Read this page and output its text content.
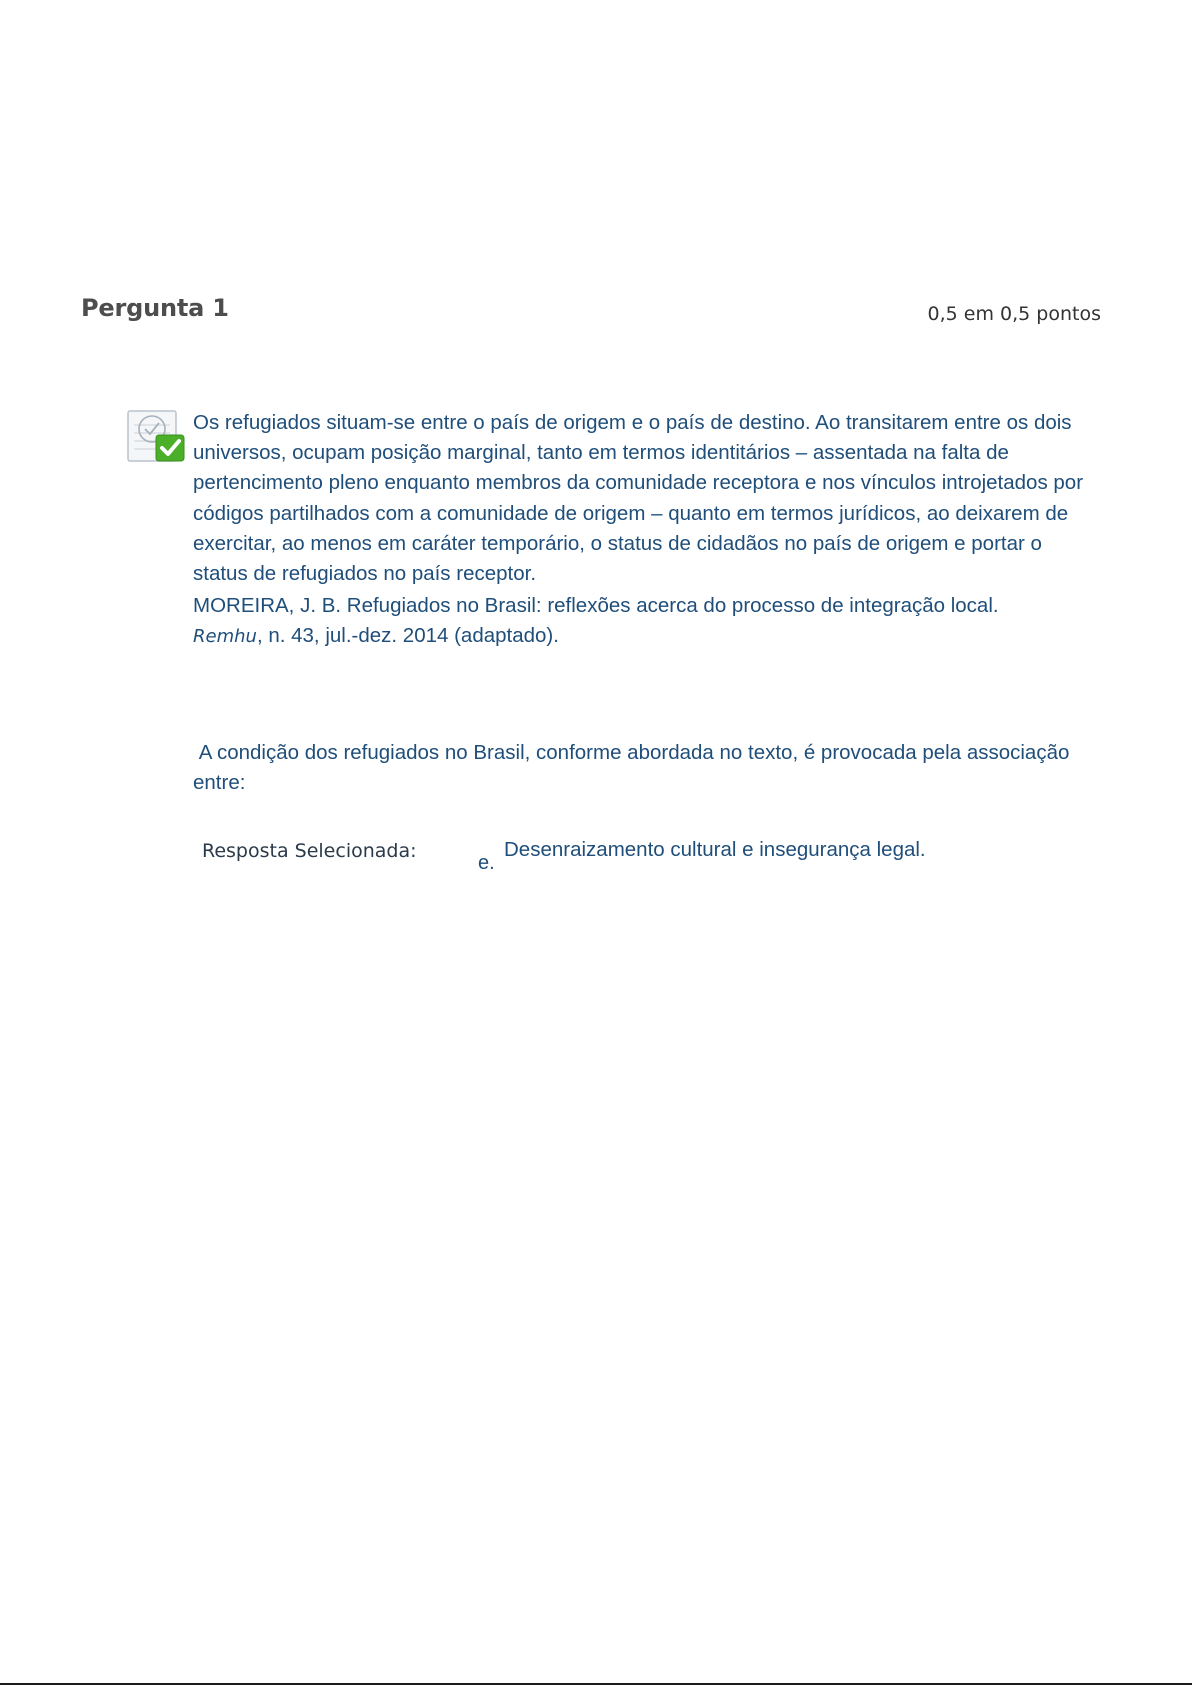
Pergunta 1	0,5 em 0,5 pontos

Os refugiados situam-se entre o país de origem e o país de destino. Ao transitarem entre os dois universos, ocupam posição marginal, tanto em termos identitários – assentada na falta de pertencimento pleno enquanto membros da comunidade receptora e nos vínculos introjetados por códigos partilhados com a comunidade de origem – quanto em termos jurídicos, ao deixarem de exercitar, ao menos em caráter temporário, o status de cidadãos no país de origem e portar o status de refugiados no país receptor.

MOREIRA, J. B. Refugiados no Brasil: reflexões acerca do processo de integração local.
Remhu, n. 43, jul.-dez. 2014 (adaptado).

A condição dos refugiados no Brasil, conforme abordada no texto, é provocada pela associação entre:

Resposta Selecionada:
e.
Desenraizamento cultural e insegurança legal.
